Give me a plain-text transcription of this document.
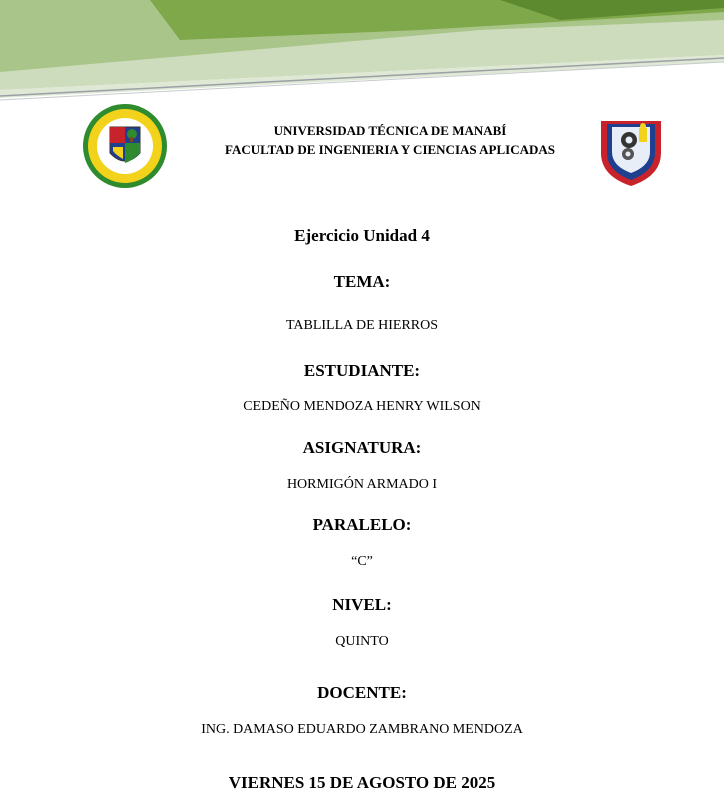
UNIVERSIDAD TÉCNICA DE MANABÍ
FACULTAD DE INGENIERIA Y CIENCIAS APLICADAS
Ejercicio Unidad 4
TEMA:
TABLILLA DE HIERROS
ESTUDIANTE:
CEDEÑO MENDOZA HENRY WILSON
ASIGNATURA:
HORMIGÓN ARMADO I
PARALELO:
“C”
NIVEL:
QUINTO
DOCENTE:
ING. DAMASO EDUARDO ZAMBRANO MENDOZA
VIERNES 15 DE AGOSTO DE 2025
